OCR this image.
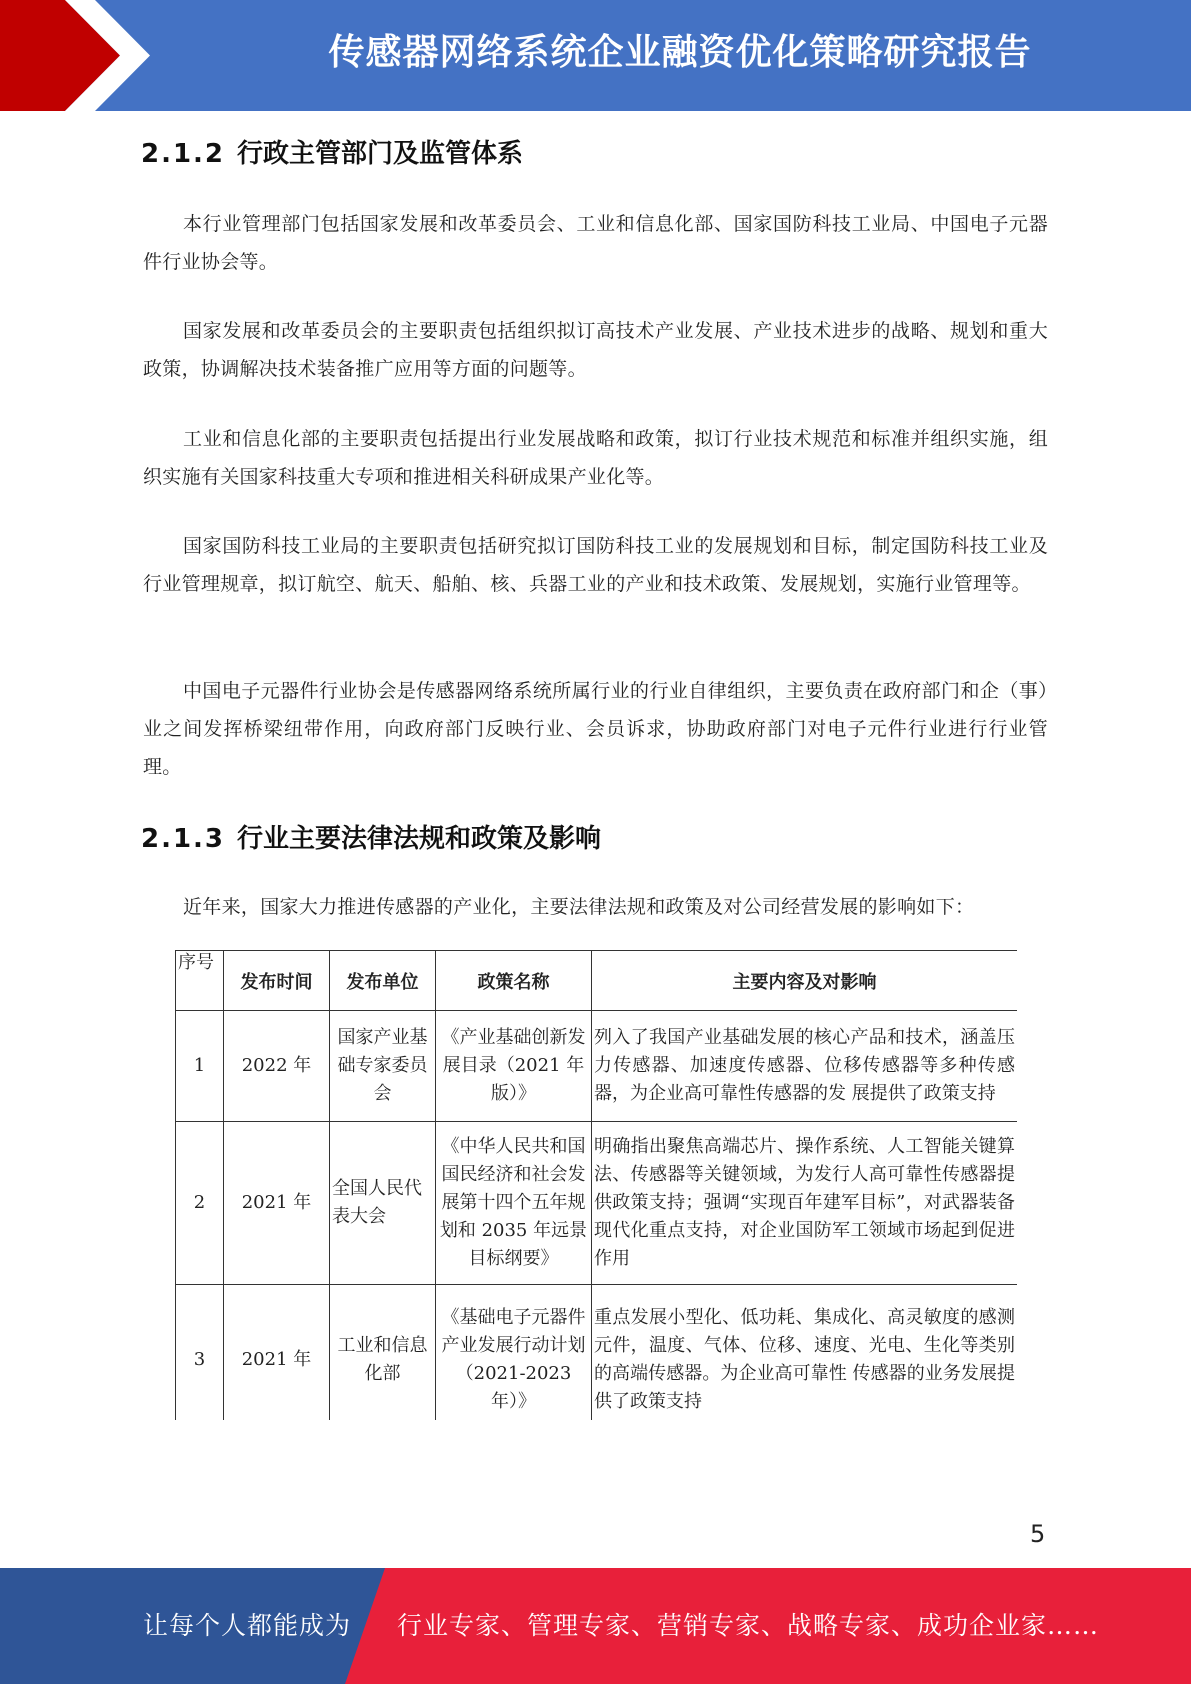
传感器网络系统企业融资优化策略研究报告
2.1.2 行政主管部门及监管体系
本行业管理部门包括国家发展和改革委员会、工业和信息化部、国家国防科技工业局、中国电子元器件行业协会等。
国家发展和改革委员会的主要职责包括组织拟订高技术产业发展、产业技术进步的战略、规划和重大政策，协调解决技术装备推广应用等方面的问题等。
工业和信息化部的主要职责包括提出行业发展战略和政策，拟订行业技术规范和标准并组织实施，组织实施有关国家科技重大专项和推进相关科研成果产业化等。
国家国防科技工业局的主要职责包括研究拟订国防科技工业的发展规划和目标，制定国防科技工业及行业管理规章，拟订航空、航天、船舶、核、兵器工业的产业和技术政策、发展规划，实施行业管理等。
中国电子元器件行业协会是传感器网络系统所属行业的行业自律组织，主要负责在政府部门和企（事）业之间发挥桥梁纽带作用，向政府部门反映行业、会员诉求，协助政府部门对电子元件行业进行行业管理。
2.1.3 行业主要法律法规和政策及影响
近年来，国家大力推进传感器的产业化，主要法律法规和政策及对公司经营发展的影响如下：
序号	发布时间	发布单位	政策名称	主要内容及对影响
1	2022 年	国家产业基础专家委员会	《产业基础创新发展目录（2021 年版）》	列入了我国产业基础发展的核心产品和技术，涵盖压力传感器、加速度传感器、位移传感器等多种传感器，为企业高可靠性传感器的发 展提供了政策支持
2	2021 年	全国人民代表大会	《中华人民共和国国民经济和社会发展第十四个五年规划和 2035 年远景目标纲要》	明确指出聚焦高端芯片、操作系统、人工智能关键算法、传感器等关键领域，为发行人高可靠性传感器提供政策支持；强调“实现百年建军目标”，对武器装备现代化重点支持，对企业国防军工领域市场起到促进作用
3	2021 年	工业和信息化部	《基础电子元器件产业发展行动计划（2021-2023 年）》	重点发展小型化、低功耗、集成化、高灵敏度的感测元件，温度、气体、位移、速度、光电、生化等类别的高端传感器。为企业高可靠性 传感器的业务发展提供了政策支持
5
让每个人都能成为 行业专家、管理专家、营销专家、战略专家、成功企业家……
